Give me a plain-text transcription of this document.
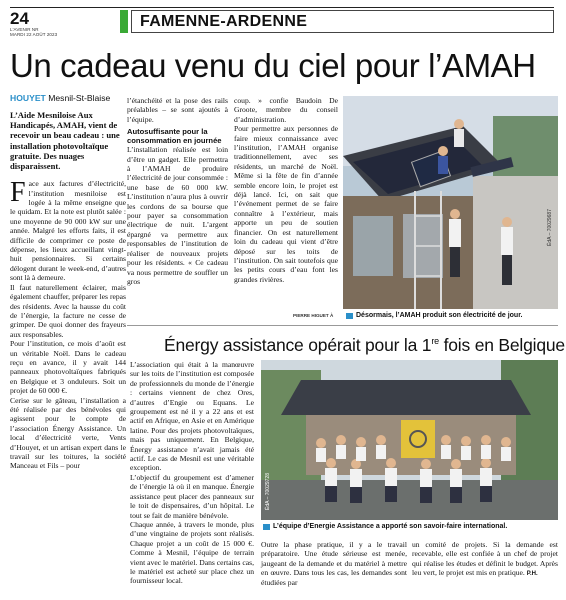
24
L'AVENIR NR
MARDI 22 AOÛT 2023
FAMENNE-ARDENNE
Un cadeau venu du ciel pour l’AMAH
HOUYET Mesnil-St-Blaise
L’Aide Mesniloise Aux Handicapés, AMAH, vient de recevoir un beau cadeau : une installation photovoltaïque gratuite. Des nuages disparaissent.

Face aux factures d’électricité, l’institution mesniloise est logée à la même enseigne que le quidam. Et la note est plutôt salée : une moyenne de 90 000 kW sur une année. Malgré les efforts faits, il est difficile de comprimer ce poste de dépense, les lieux accueillant vingt-huit pensionnaires. Si certains délogent durant le week-end, d’autres sont là à demeure.

Il faut naturellement éclairer, mais également chauffer, préparer les repas des résidents. Avec la hausse du coût de l’énergie, la facture ne cesse de grimper. De quoi donner des frayeurs aux responsables.

Pour l’institution, ce mois d’août est un véritable Noël. Dans le cadeau reçu en avance, il y avait 144 panneaux photovoltaïques fabriqués en Belgique et 3 onduleurs. Soit un projet de 60 000 €.

Cerise sur le gâteau, l’installation a été réalisée par des bénévoles qui agissent pour le compte de l’association Énergy Assistance. Un local d’électricité verte, Vents d’Houyet, et un artisan expert dans le travail sur les toitures, la société Manceau et Fils – pour

l’étanchéité et la pose des rails préalables – se sont ajoutés à l’équipe.

Autosuffisante pour la consommation en journée

L’installation réalisée est loin d’être un gadget. Elle permettra à l’AMAH de produire l’électricité de jour consommée : une base de 60 000 kW. L’institution n’aura plus à ouvrir les cordons de sa bourse que pour payer sa consommation électrique de nuit. L’argent épargné va permettre aux responsables de l’institution de réaliser de nouveaux projets pour les résidents. « Ce cadeau va nous permettre de souffler un gros

coup. » confie Baudoin De Groote, membre du conseil d’administration.

Pour permettre aux personnes de faire mieux connaissance avec l’institution, l’AMAH organise traditionnellement, avec ses résidents, un marché de Noël. Même si la fête de fin d’année semble encore loin, le projet est déjà lancé. Ici, on sait que l’événement permet de se faire connaître à l’extérieur, mais apporte un peu de soutien financier. On est naturellement loin du cadeau qui vient d’être déposé sur les toits de l’institution. On sait toutefois que les petits cours d’eau font les grandes rivières.

ÉdA – 70029687
PIERRE HIGUET À	Désormais, l’AMAH produit son électricité de jour.
Énergy assistance opérait pour la 1re fois en Belgique

L’association qui était à la manœuvre sur les toits de l’institution est composée de professionnels du monde de l’énergie : certains viennent de chez Ores, d’autres d’Engie ou Equans. Le groupement est né il y a 22 ans et est actif en Afrique, en Asie et en Amérique latine. Pour des projets photovoltaïques, mais pas uniquement. En Belgique, Énergy assistance n’avait jamais été actif. Le cas de Mesnil est une véritable exception.

L’objectif du groupement est d’amener de l’énergie là où il en manque. Énergie assistance peut placer des panneaux sur le toit de dispensaires, d’un hôpital. Le tout se fait de manière bénévole.

Chaque année, à travers le monde, plus d’une vingtaine de projets sont réalisés. Chaque projet a un coût de 15 000 €. Comme à Mesnil, l’équipe de terrain vient avec le matériel. Dans certains cas, le matériel est acheté sur place chez un fournisseur local.

ÉdA – 70029728
L’équipe d’Energie Assistance a apporté son savoir-faire international.

Outre la phase pratique, il y a le travail préparatoire. Une étude sérieuse est menée, jaugeant de la demande et du matériel à mettre en œuvre. Dans tous les cas, les demandes sont étudiées par

un comité de projets. Si la demande est recevable, elle est confiée à un chef de projet qui réalise les études et définit le budget. Après leu vert, le projet est mis en pratique. P.H.
